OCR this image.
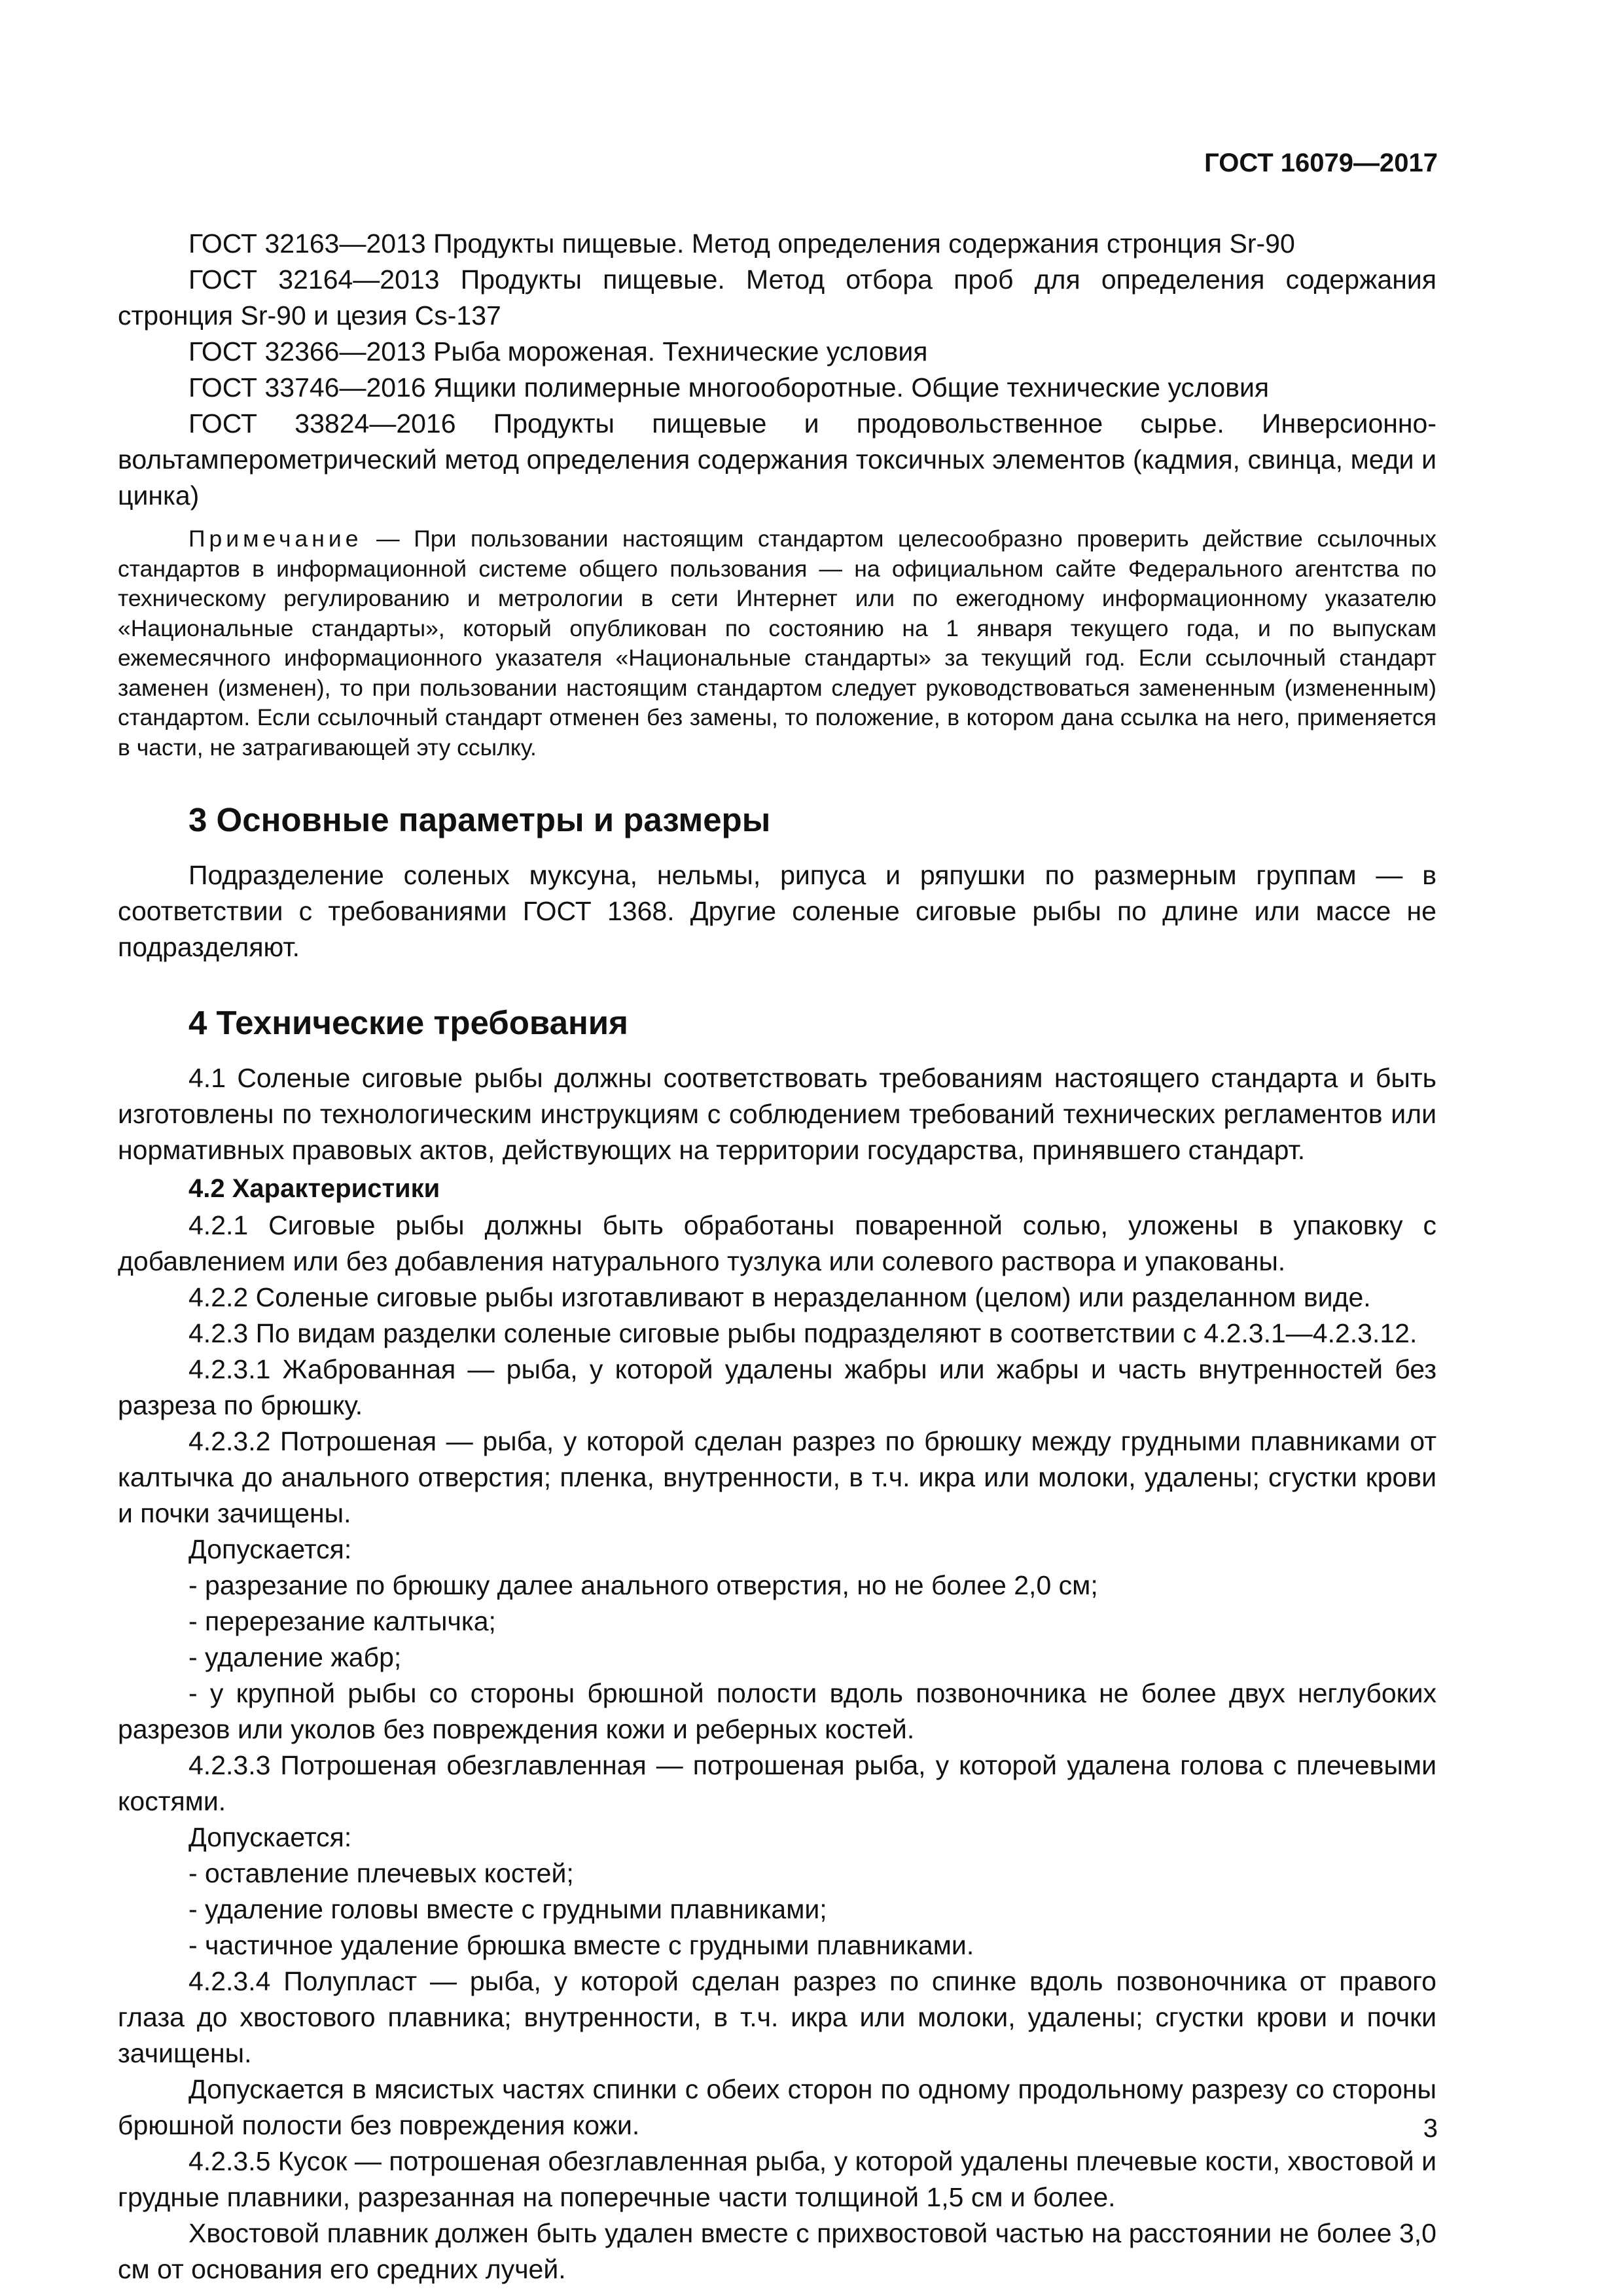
ГОСТ 16079—2017

ГОСТ 32163—2013 Продукты пищевые. Метод определения содержания стронция Sr-90

ГОСТ 32164—2013 Продукты пищевые. Метод отбора проб для определения содержания стронция Sr-90 и цезия Cs-137

ГОСТ 32366—2013 Рыба мороженая. Технические условия

ГОСТ 33746—2016 Ящики полимерные многооборотные. Общие технические условия

ГОСТ 33824—2016 Продукты пищевые и продовольственное сырье. Инверсионно-вольтамперометрический метод определения содержания токсичных элементов (кадмия, свинца, меди и цинка)

Примечание — При пользовании настоящим стандартом целесообразно проверить действие ссылочных стандартов в информационной системе общего пользования — на официальном сайте Федерального агентства по техническому регулированию и метрологии в сети Интернет или по ежегодному информационному указателю «Национальные стандарты», который опубликован по состоянию на 1 января текущего года, и по выпускам ежемесячного информационного указателя «Национальные стандарты» за текущий год. Если ссылочный стандарт заменен (изменен), то при пользовании настоящим стандартом следует руководствоваться замененным (измененным) стандартом. Если ссылочный стандарт отменен без замены, то положение, в котором дана ссылка на него, применяется в части, не затрагивающей эту ссылку.

3 Основные параметры и размеры

Подразделение соленых муксуна, нельмы, рипуса и ряпушки по размерным группам — в соответствии с требованиями ГОСТ 1368. Другие соленые сиговые рыбы по длине или массе не подразделяют.

4 Технические требования

4.1 Соленые сиговые рыбы должны соответствовать требованиям настоящего стандарта и быть изготовлены по технологическим инструкциям с соблюдением требований технических регламентов или нормативных правовых актов, действующих на территории государства, принявшего стандарт.

4.2 Характеристики

4.2.1 Сиговые рыбы должны быть обработаны поваренной солью, уложены в упаковку с добавлением или без добавления натурального тузлука или солевого раствора и упакованы.

4.2.2 Соленые сиговые рыбы изготавливают в неразделанном (целом) или разделанном виде.

4.2.3 По видам разделки соленые сиговые рыбы подразделяют в соответствии с 4.2.3.1—4.2.3.12.

4.2.3.1 Жаброванная — рыба, у которой удалены жабры или жабры и часть внутренностей без разреза по брюшку.

4.2.3.2 Потрошеная — рыба, у которой сделан разрез по брюшку между грудными плавниками от калтычка до анального отверстия; пленка, внутренности, в т.ч. икра или молоки, удалены; сгустки крови и почки зачищены.

Допускается:

- разрезание по брюшку далее анального отверстия, но не более 2,0 см;

- перерезание калтычка;

- удаление жабр;

- у крупной рыбы со стороны брюшной полости вдоль позвоночника не более двух неглубоких разрезов или уколов без повреждения кожи и реберных костей.

4.2.3.3 Потрошеная обезглавленная — потрошеная рыба, у которой удалена голова с плечевыми костями.

Допускается:

- оставление плечевых костей;

- удаление головы вместе с грудными плавниками;

- частичное удаление брюшка вместе с грудными плавниками.

4.2.3.4 Полупласт — рыба, у которой сделан разрез по спинке вдоль позвоночника от правого глаза до хвостового плавника; внутренности, в т.ч. икра или молоки, удалены; сгустки крови и почки зачищены.

Допускается в мясистых частях спинки с обеих сторон по одному продольному разрезу со стороны брюшной полости без повреждения кожи.

4.2.3.5 Кусок — потрошеная обезглавленная рыба, у которой удалены плечевые кости, хвостовой и грудные плавники, разрезанная на поперечные части толщиной 1,5 см и более.

Хвостовой плавник должен быть удален вместе с прихвостовой частью на расстоянии не более 3,0 см от основания его средних лучей.

3
